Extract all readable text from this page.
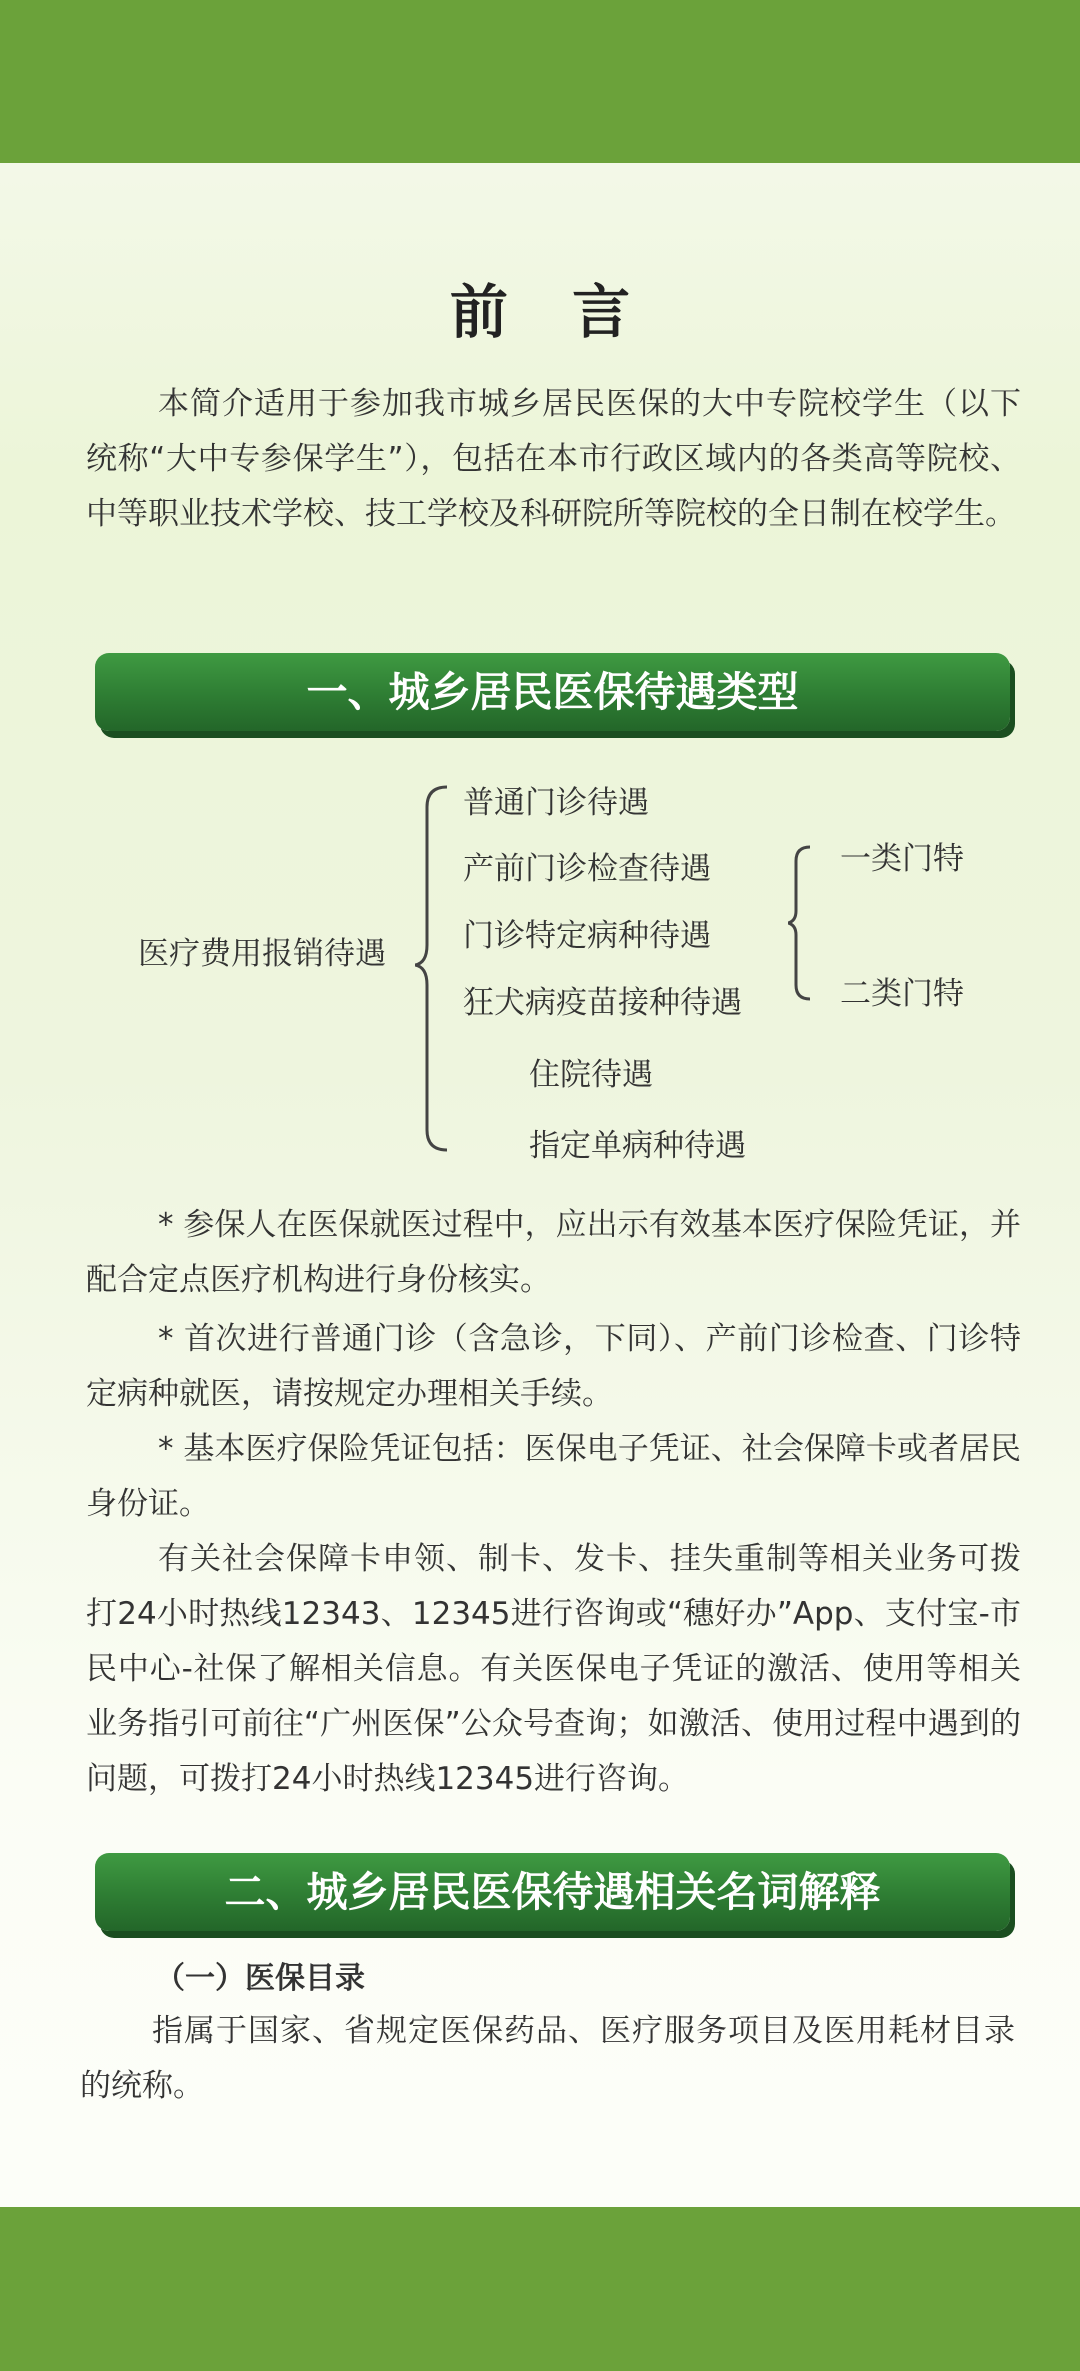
前 言

本简介适用于参加我市城乡居民医保的大中专院校学生（以下统称“大中专参保学生”），包括在本市行政区域内的各类高等院校、中等职业技术学校、技工学校及科研院所等院校的全日制在校学生。

一、城乡居民医保待遇类型
医疗费用报销待遇
普通门诊待遇
产前门诊检查待遇
门诊特定病种待遇
狂犬病疫苗接种待遇
住院待遇
指定单病种待遇
一类门特
二类门特

* 参保人在医保就医过程中，应出示有效基本医疗保险凭证，并配合定点医疗机构进行身份核实。

* 首次进行普通门诊（含急诊，下同）、产前门诊检查、门诊特定病种就医，请按规定办理相关手续。

* 基本医疗保险凭证包括：医保电子凭证、社会保障卡或者居民身份证。

有关社会保障卡申领、制卡、发卡、挂失重制等相关业务可拨打24小时热线12343、12345进行咨询或“穗好办”App、支付宝-市民中心-社保了解相关信息。有关医保电子凭证的激活、使用等相关业务指引可前往“广州医保”公众号查询；如激活、使用过程中遇到的问题，可拨打24小时热线12345进行咨询。

二、城乡居民医保待遇相关名词解释
（一）医保目录

指属于国家、省规定医保药品、医疗服务项目及医用耗材目录的统称。
